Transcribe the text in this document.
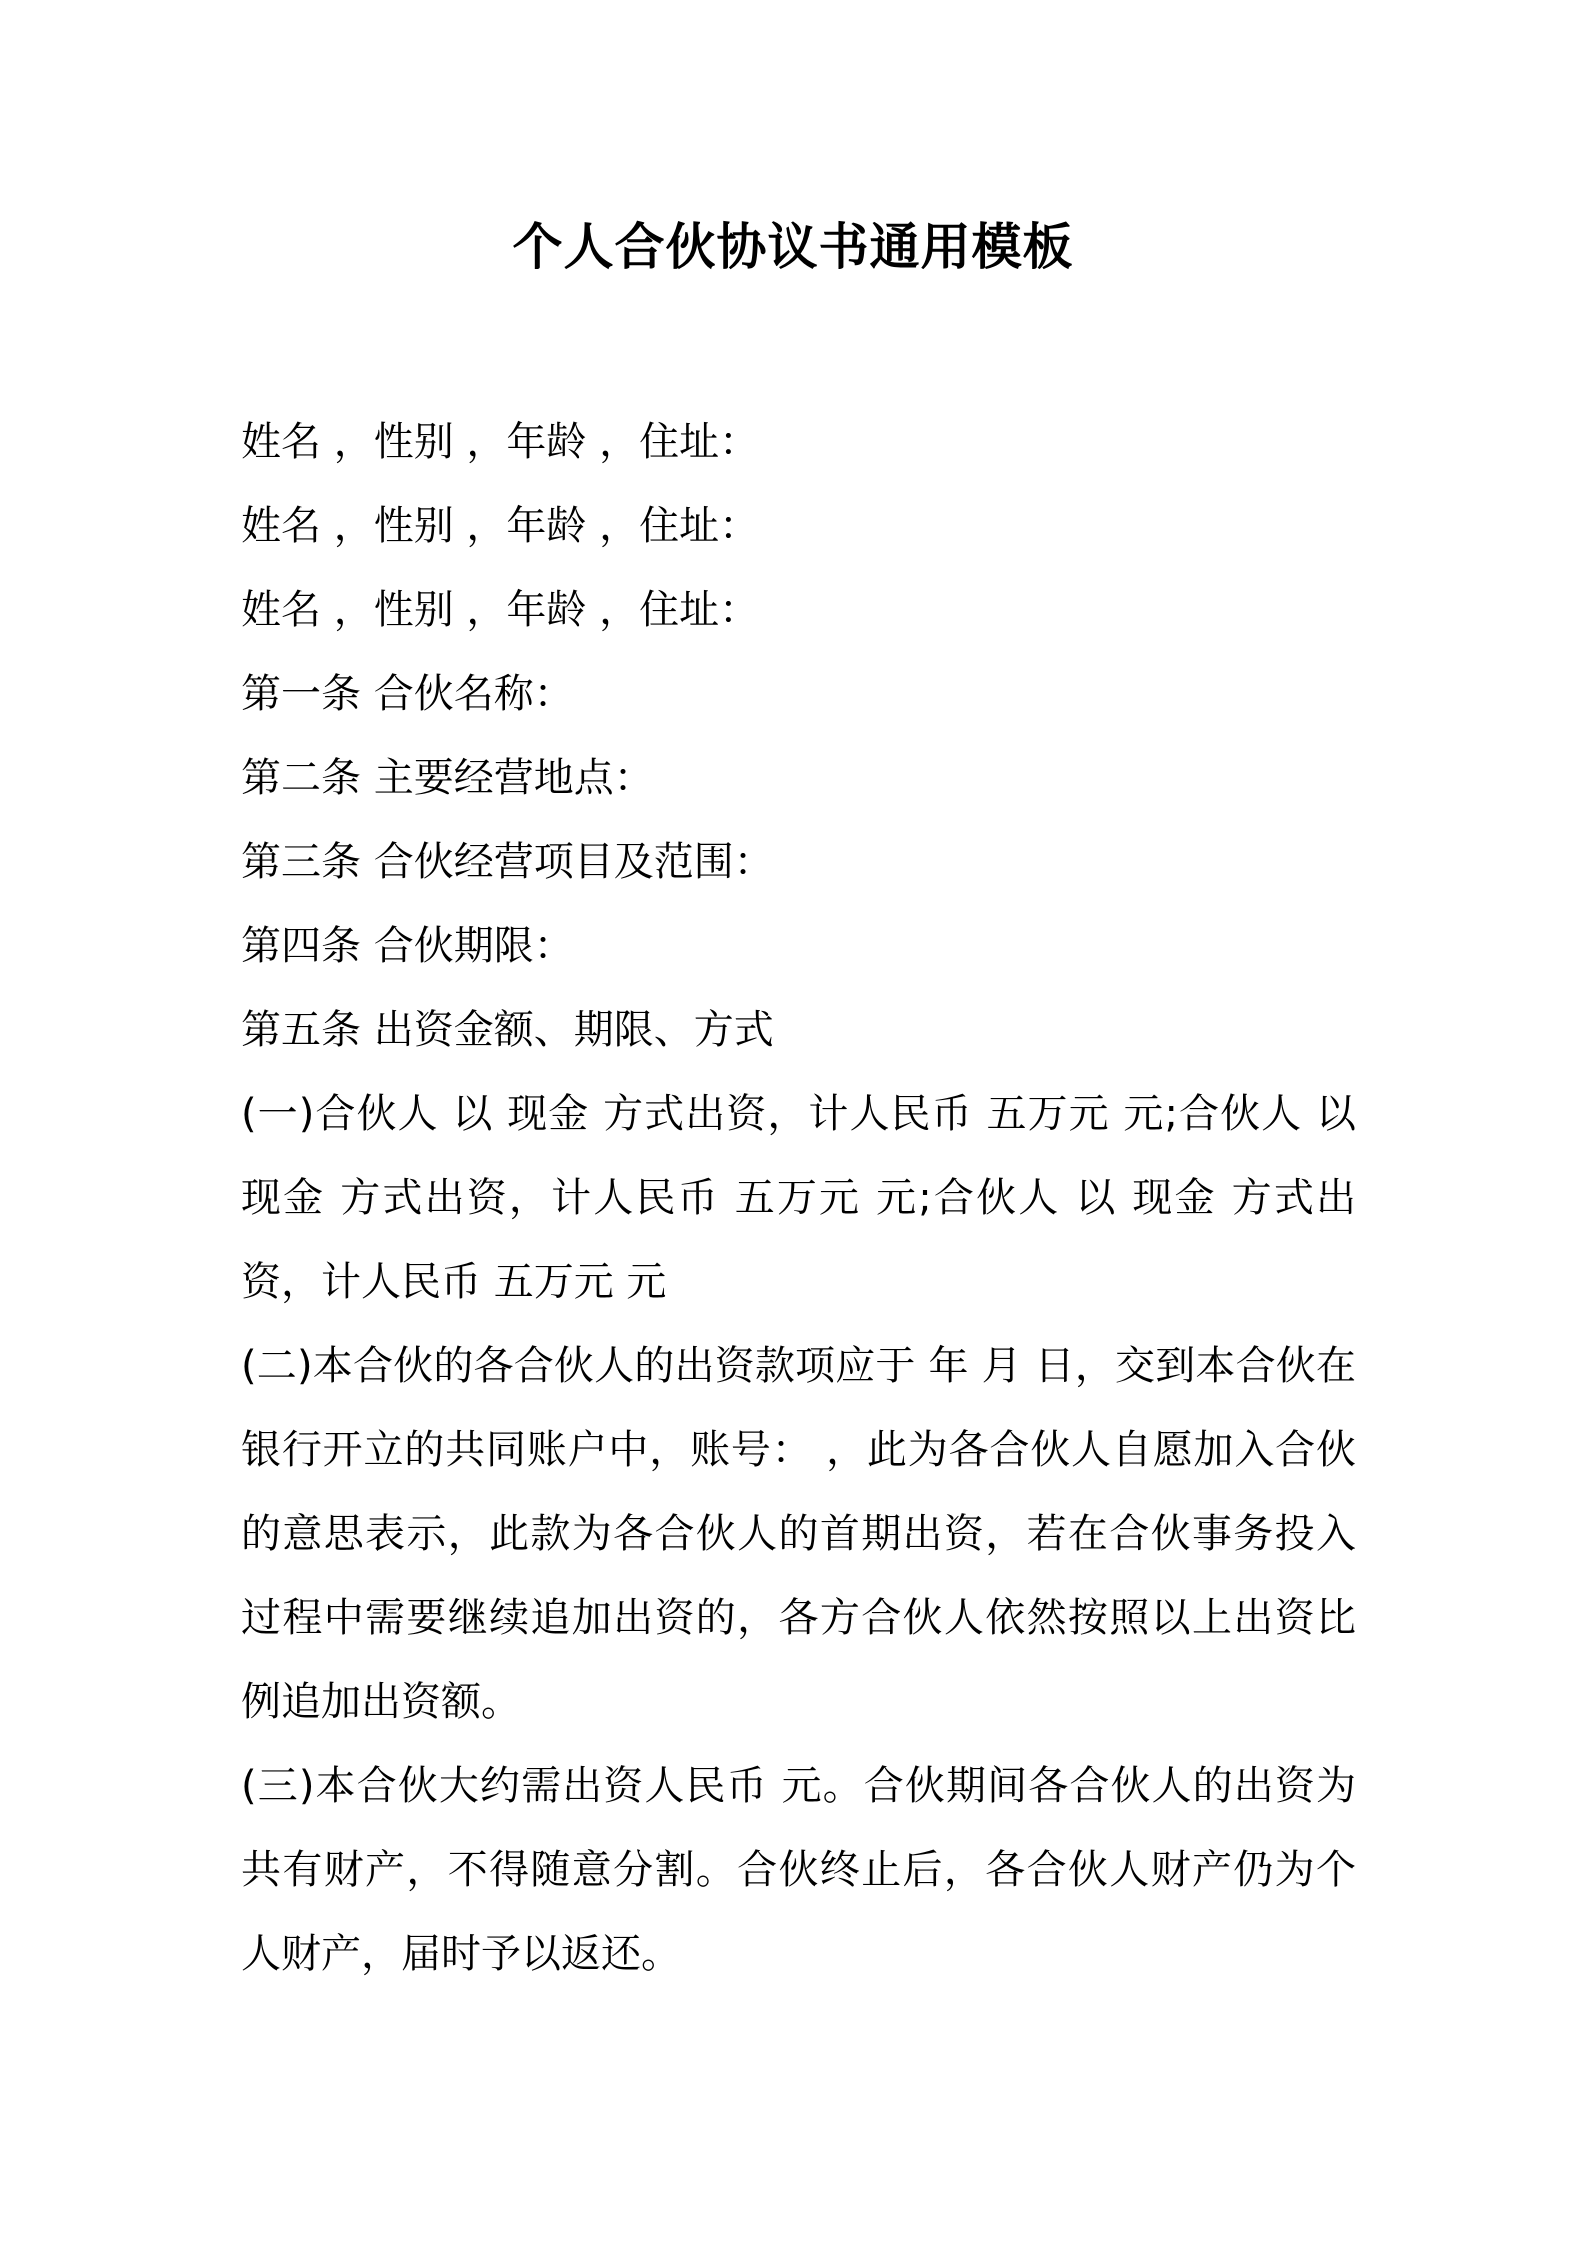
个人合伙协议书通用模板

姓名 ，性别 ，年龄 ，住址：

姓名 ，性别 ，年龄 ，住址：

姓名 ，性别 ，年龄 ，住址：

第一条 合伙名称：

第二条 主要经营地点：

第三条 合伙经营项目及范围：

第四条 合伙期限：

第五条 出资金额、期限、方式

(一)合伙人 以 现金 方式出资，计人民币 五万元 元;合伙人 以 现金 方式出资，计人民币 五万元 元;合伙人 以 现金 方式出资，计人民币 五万元 元

(二)本合伙的各合伙人的出资款项应于 年 月 日，交到本合伙在 银行开立的共同账户中，账号： ，此为各合伙人自愿加入合伙的意思表示，此款为各合伙人的首期出资，若在合伙事务投入过程中需要继续追加出资的，各方合伙人依然按照以上出资比例追加出资额。

(三)本合伙大约需出资人民币 元。合伙期间各合伙人的出资为共有财产，不得随意分割。合伙终止后，各合伙人财产仍为个人财产，届时予以返还。
